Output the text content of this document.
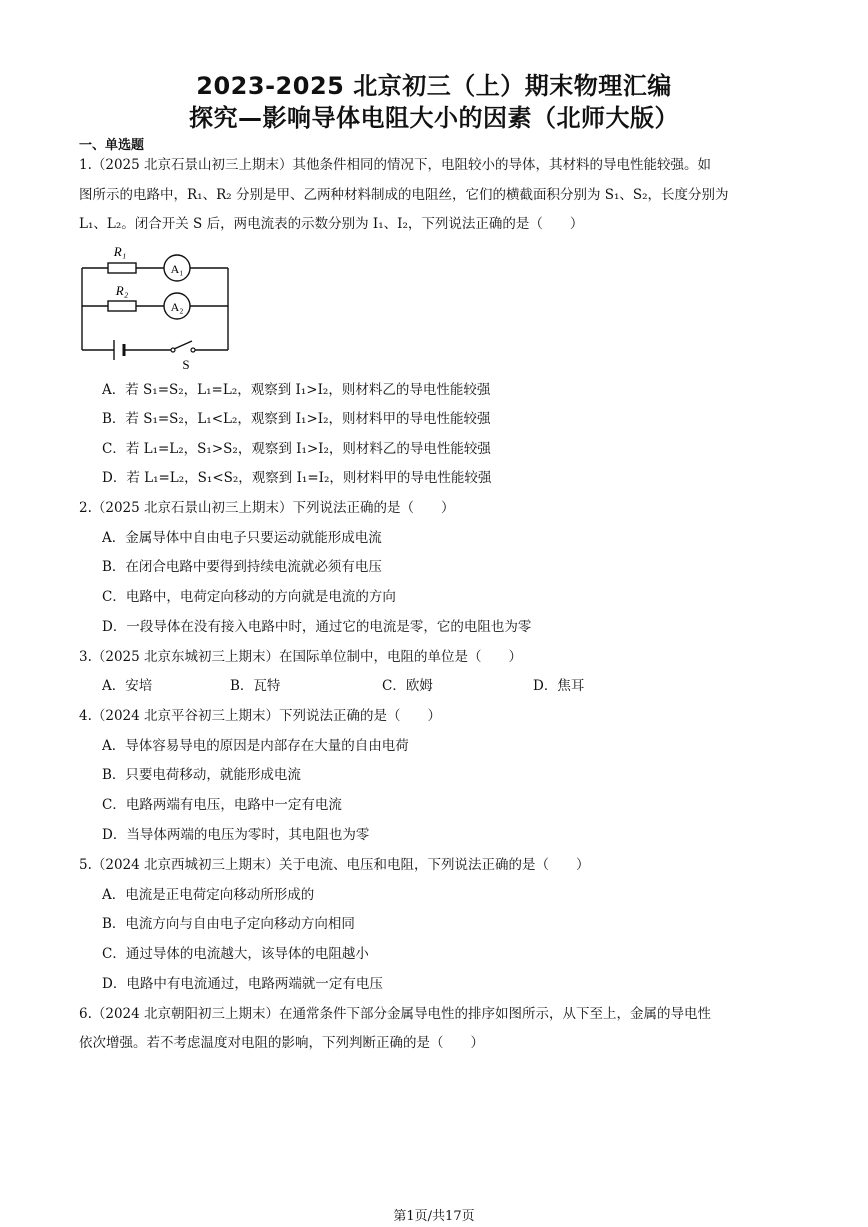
2023-2025 北京初三（上）期末物理汇编
探究—影响导体电阻大小的因素（北师大版）
一、单选题
1.（2025 北京石景山初三上期末）其他条件相同的情况下，电阻较小的导体，其材料的导电性能较强。如
图所示的电路中，R₁、R₂ 分别是甲、乙两种材料制成的电阻丝，它们的横截面积分别为 S₁、S₂，长度分别为
L₁、L₂。闭合开关 S 后，两电流表的示数分别为 I₁、I₂，下列说法正确的是（　　）
R₁
A₁
R₂
A₂
S
A．若 S₁=S₂，L₁=L₂，观察到 I₁>I₂，则材料乙的导电性能较强
B．若 S₁=S₂，L₁<L₂，观察到 I₁>I₂，则材料甲的导电性能较强
C．若 L₁=L₂，S₁>S₂，观察到 I₁>I₂，则材料乙的导电性能较强
D．若 L₁=L₂，S₁<S₂，观察到 I₁=I₂，则材料甲的导电性能较强
2.（2025 北京石景山初三上期末）下列说法正确的是（　　）
A．金属导体中自由电子只要运动就能形成电流
B．在闭合电路中要得到持续电流就必须有电压
C．电路中，电荷定向移动的方向就是电流的方向
D．一段导体在没有接入电路中时，通过它的电流是零，它的电阻也为零
3.（2025 北京东城初三上期末）在国际单位制中，电阻的单位是（　　）
A．安培	B．瓦特	C．欧姆	D．焦耳
4.（2024 北京平谷初三上期末）下列说法正确的是（　　）
A．导体容易导电的原因是内部存在大量的自由电荷
B．只要电荷移动，就能形成电流
C．电路两端有电压，电路中一定有电流
D．当导体两端的电压为零时，其电阻也为零
5.（2024 北京西城初三上期末）关于电流、电压和电阻，下列说法正确的是（　　）
A．电流是正电荷定向移动所形成的
B．电流方向与自由电子定向移动方向相同
C．通过导体的电流越大，该导体的电阻越小
D．电路中有电流通过，电路两端就一定有电压
6.（2024 北京朝阳初三上期末）在通常条件下部分金属导电性的排序如图所示，从下至上，金属的导电性
依次增强。若不考虑温度对电阻的影响，下列判断正确的是（　　）
第1页/共17页
